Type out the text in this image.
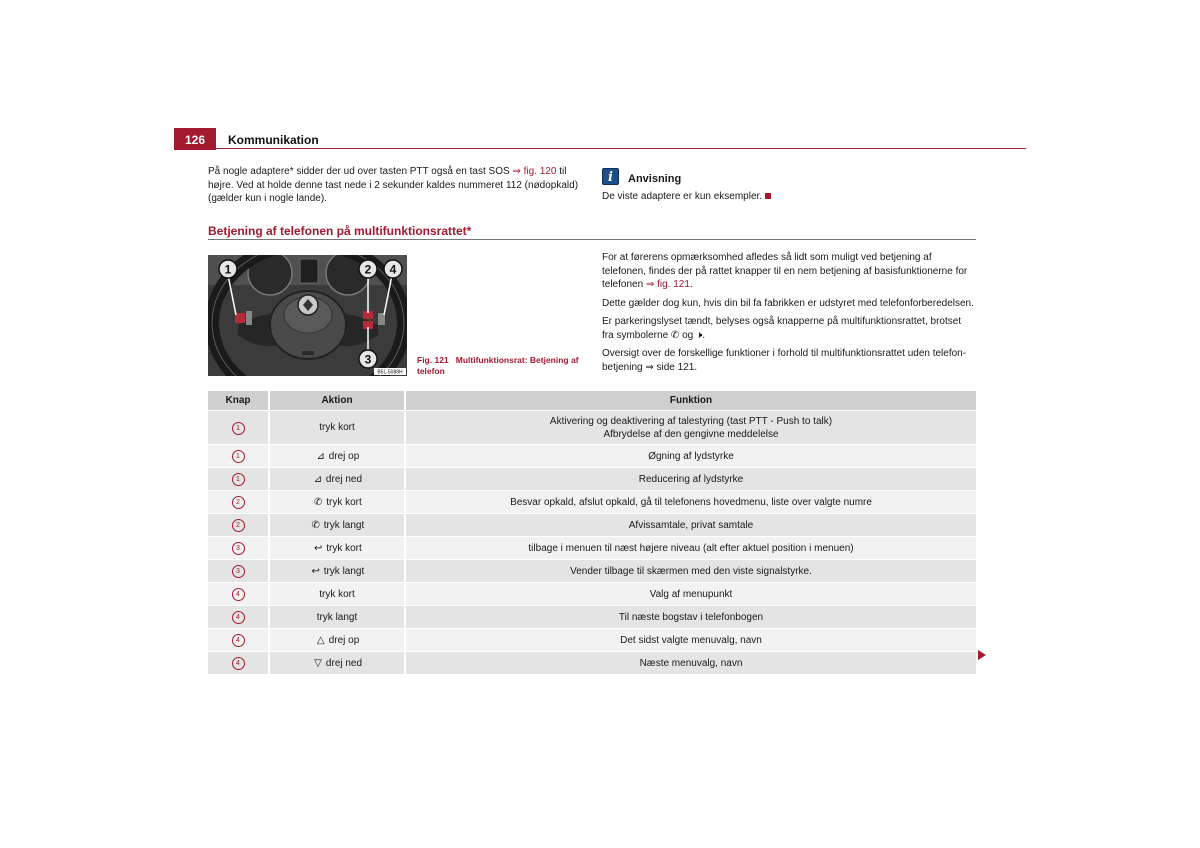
126	Kommunikation
På nogle adaptere* sidder der ud over tasten PTT også en tast SOS ⇒ fig. 120 til højre. Ved at holde denne tast nede i 2 sekunder kaldes nummeret 112 (nødopkald) (gælder kun i nogle lande).
i	Anvisning
De viste adaptere er kun eksempler.
Betjening af telefonen på multifunktionsrattet*
1	2
3
4
B5L-5088H
Fig. 121 Multifunktionsrat: Betjening af telefon

For at førerens opmærksomhed afledes så lidt som muligt ved betjening af telefonen, findes der på rattet knapper til en nem betjening af basisfunktionerne for telefonen ⇒ fig. 121.

Dette gælder dog kun, hvis din bil fa fabrikken er udstyret med telefonforberedelsen.

Er parkeringslyset tændt, belyses også knapperne på multifunktionsrattet, brotset fra symbolerne ✆ og 🕨.

Oversigt over de forskellige funktioner i forhold til multifunktionsrattet uden telefonbetjening ⇒ side 121.

Knap	Aktion	Funktion
1	tryk kort	Aktivering og deaktivering af talestyring (tast PTT - Push to talk)
Afbrydelse af den gengivne meddelelse
1	⊿ drej op	Øgning af lydstyrke
1	⊿ drej ned	Reducering af lydstyrke
2	✆ tryk kort	Besvar opkald, afslut opkald, gå til telefonens hovedmenu, liste over valgte numre
2	✆ tryk langt	Afvissamtale, privat samtale
3	↩ tryk kort	tilbage i menuen til næst højere niveau (alt efter aktuel position i menuen)
3	↩ tryk langt	Vender tilbage til skærmen med den viste signalstyrke.
4	tryk kort	Valg af menupunkt
4	tryk langt	Til næste bogstav i telefonbogen
4	△ drej op	Det sidst valgte menuvalg, navn
4	▽ drej ned	Næste menuvalg, navn
